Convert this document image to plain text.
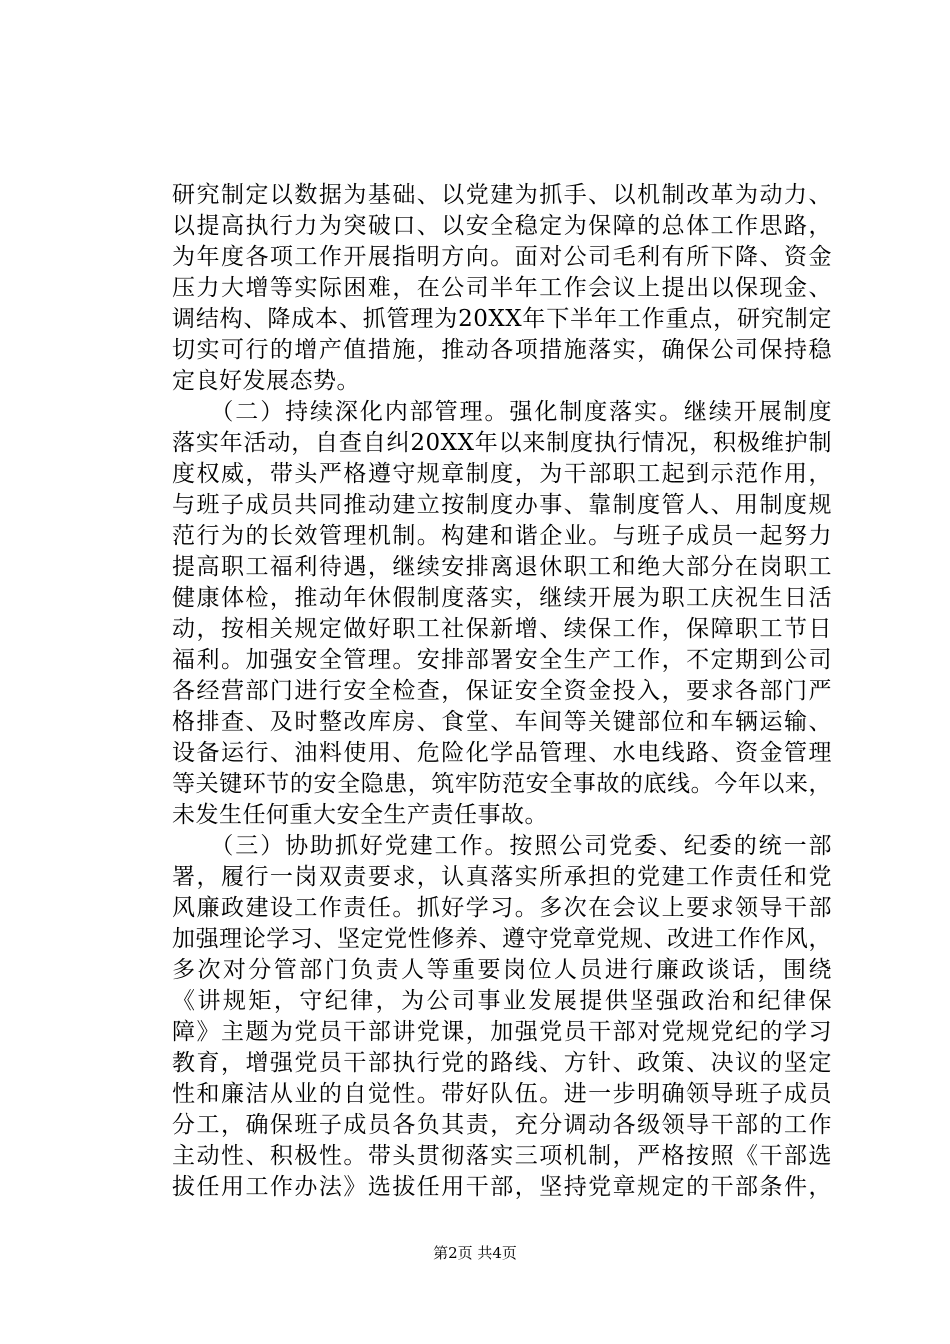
研究制定以数据为基础、以党建为抓手、以机制改革为动力、
以提高执行力为突破口、以安全稳定为保障的总体工作思路，
为年度各项工作开展指明方向。面对公司毛利有所下降、资金
压力大增等实际困难，在公司半年工作会议上提出以保现金、
调结构、降成本、抓管理为20XX年下半年工作重点，研究制定
切实可行的增产值措施，推动各项措施落实，确保公司保持稳
定良好发展态势。
　　（二）持续深化内部管理。强化制度落实。继续开展制度
落实年活动，自查自纠20XX年以来制度执行情况，积极维护制
度权威，带头严格遵守规章制度，为干部职工起到示范作用，
与班子成员共同推动建立按制度办事、靠制度管人、用制度规
范行为的长效管理机制。构建和谐企业。与班子成员一起努力
提高职工福利待遇，继续安排离退休职工和绝大部分在岗职工
健康体检，推动年休假制度落实，继续开展为职工庆祝生日活
动，按相关规定做好职工社保新增、续保工作，保障职工节日
福利。加强安全管理。安排部署安全生产工作，不定期到公司
各经营部门进行安全检查，保证安全资金投入，要求各部门严
格排查、及时整改库房、食堂、车间等关键部位和车辆运输、
设备运行、油料使用、危险化学品管理、水电线路、资金管理
等关键环节的安全隐患，筑牢防范安全事故的底线。今年以来，
未发生任何重大安全生产责任事故。
　　（三）协助抓好党建工作。按照公司党委、纪委的统一部
署，履行一岗双责要求，认真落实所承担的党建工作责任和党
风廉政建设工作责任。抓好学习。多次在会议上要求领导干部
加强理论学习、坚定党性修养、遵守党章党规、改进工作作风，
多次对分管部门负责人等重要岗位人员进行廉政谈话，围绕
《讲规矩，守纪律，为公司事业发展提供坚强政治和纪律保
障》主题为党员干部讲党课，加强党员干部对党规党纪的学习
教育，增强党员干部执行党的路线、方针、政策、决议的坚定
性和廉洁从业的自觉性。带好队伍。进一步明确领导班子成员
分工，确保班子成员各负其责，充分调动各级领导干部的工作
主动性、积极性。带头贯彻落实三项机制，严格按照《干部选
拔任用工作办法》选拔任用干部，坚持党章规定的干部条件，
第2页 共4页
